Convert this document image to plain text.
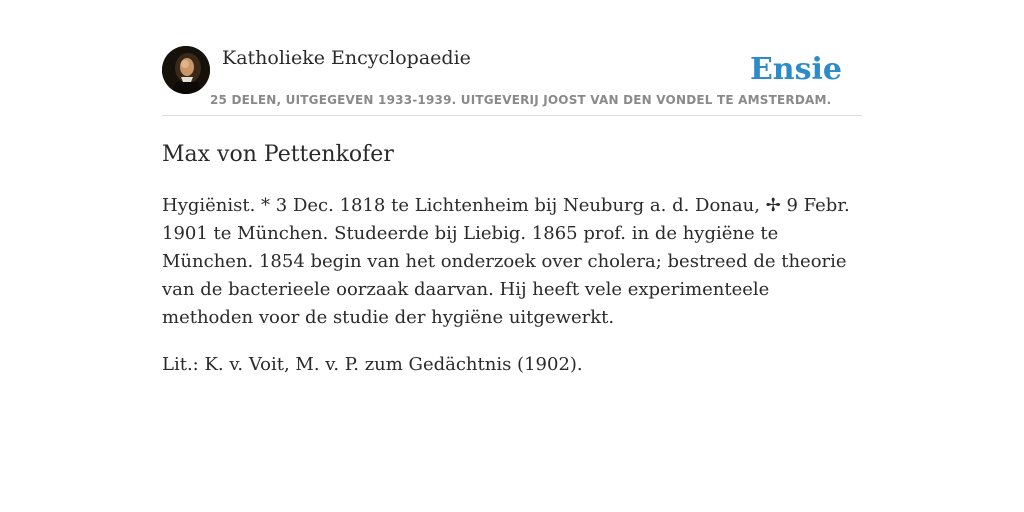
Katholieke Encyclopaedie	Ensie
25 DELEN, UITGEGEVEN 1933-1939. UITGEVERIJ JOOST VAN DEN VONDEL TE AMSTERDAM.
Max von Pettenkofer

Hygiënist. * 3 Dec. 1818 te Lichtenheim bij Neuburg a. d. Donau, ✢ 9 Febr. 1901 te München. Studeerde bij Liebig. 1865 prof. in de hygiëne te München. 1854 begin van het onderzoek over cholera; bestreed de theorie van de bacterieele oorzaak daarvan. Hij heeft vele experimenteele methoden voor de studie der hygiëne uitgewerkt.

Lit.: K. v. Voit, M. v. P. zum Gedächtnis (1902).
